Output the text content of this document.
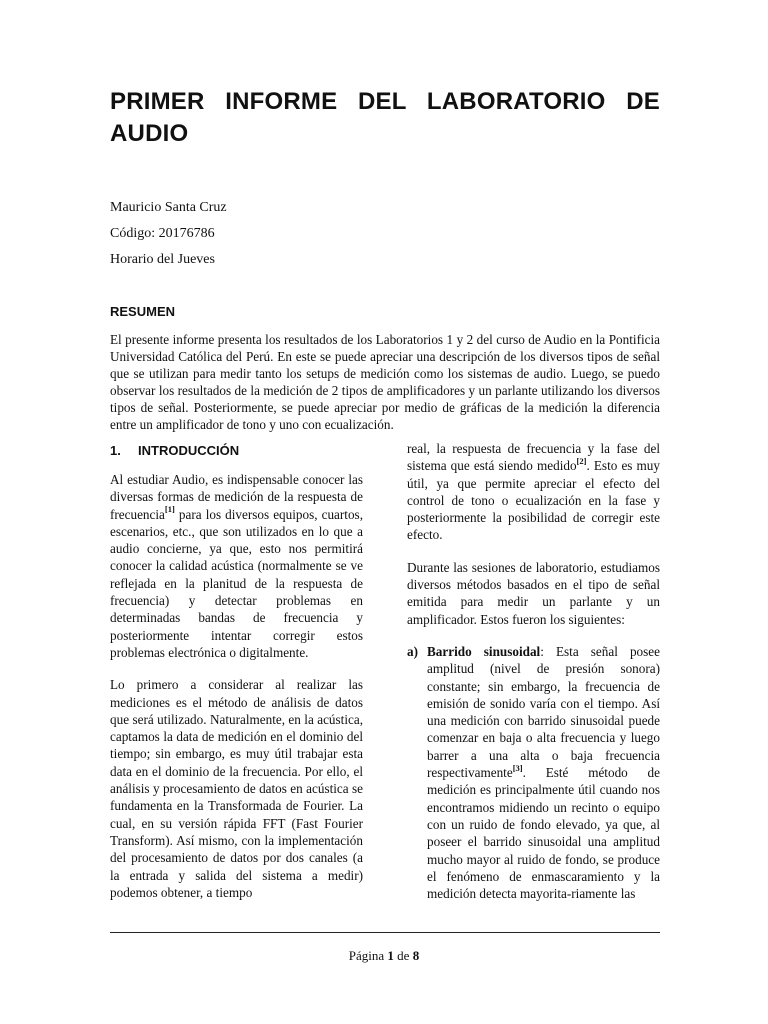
PRIMER INFORME DEL LABORATORIO DE AUDIO

Mauricio Santa Cruz

Código: 20176786

Horario del Jueves

RESUMEN

El presente informe presenta los resultados de los Laboratorios 1 y 2 del curso de Audio en la Pontificia Universidad Católica del Perú. En este se puede apreciar una descripción de los diversos tipos de señal que se utilizan para medir tanto los setups de medición como los sistemas de audio. Luego, se puedo observar los resultados de la medición de 2 tipos de amplificadores y un parlante utilizando los diversos tipos de señal. Posteriormente, se puede apreciar por medio de gráficas de la medición la diferencia entre un amplificador de tono y uno con ecualización.

1. INTRODUCCIÓN

Al estudiar Audio, es indispensable conocer las diversas formas de medición de la respuesta de frecuencia[1] para los diversos equipos, cuartos, escenarios, etc., que son utilizados en lo que a audio concierne, ya que, esto nos permitirá conocer la calidad acústica (normalmente se ve reflejada en la planitud de la respuesta de frecuencia) y detectar problemas en determinadas bandas de frecuencia y posteriormente intentar corregir estos problemas electrónica o digitalmente.

Lo primero a considerar al realizar las mediciones es el método de análisis de datos que será utilizado. Naturalmente, en la acústica, captamos la data de medición en el dominio del tiempo; sin embargo, es muy útil trabajar esta data en el dominio de la frecuencia. Por ello, el análisis y procesamiento de datos en acústica se fundamenta en la Transformada de Fourier. La cual, en su versión rápida FFT (Fast Fourier Transform). Así mismo, con la implementación del procesamiento de datos por dos canales (a la entrada y salida del sistema a medir) podemos obtener, a tiempo

real, la respuesta de frecuencia y la fase del sistema que está siendo medido[2]. Esto es muy útil, ya que permite apreciar el efecto del control de tono o ecualización en la fase y posteriormente la posibilidad de corregir este efecto.

Durante las sesiones de laboratorio, estudiamos diversos métodos basados en el tipo de señal emitida para medir un parlante y un amplificador. Estos fueron los siguientes:

a) Barrido sinusoidal: Esta señal posee amplitud (nivel de presión sonora) constante; sin embargo, la frecuencia de emisión de sonido varía con el tiempo. Así una medición con barrido sinusoidal puede comenzar en baja o alta frecuencia y luego barrer a una alta o baja frecuencia respectivamente[3]. Esté método de medición es principalmente útil cuando nos encontramos midiendo un recinto o equipo con un ruido de fondo elevado, ya que, al poseer el barrido sinusoidal una amplitud mucho mayor al ruido de fondo, se produce el fenómeno de enmascaramiento y la medición detecta mayorita-riamente las
Página 1 de 8
